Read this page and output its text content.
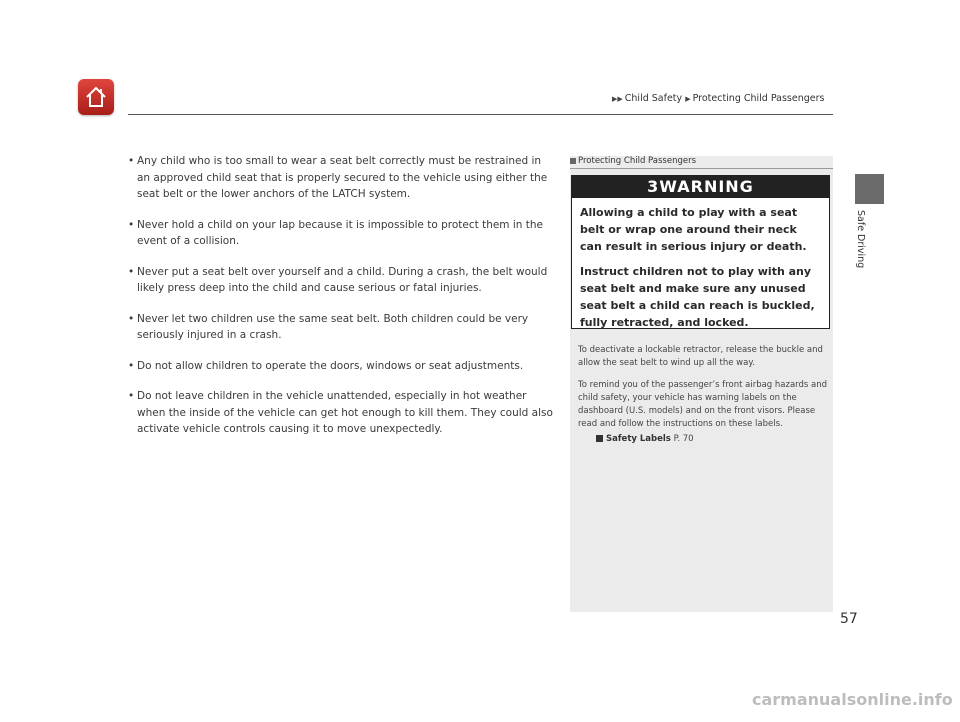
▶▶ Child Safety ▶ Protecting Child Passengers
Safe Driving
• Any child who is too small to wear a seat belt correctly must be restrained in an approved child seat that is properly secured to the vehicle using either the seat belt or the lower anchors of the LATCH system.
• Never hold a child on your lap because it is impossible to protect them in the event of a collision.
• Never put a seat belt over yourself and a child. During a crash, the belt would likely press deep into the child and cause serious or fatal injuries.
• Never let two children use the same seat belt. Both children could be very seriously injured in a crash.
• Do not allow children to operate the doors, windows or seat adjustments.
• Do not leave children in the vehicle unattended, especially in hot weather when the inside of the vehicle can get hot enough to kill them. They could also activate vehicle controls causing it to move unexpectedly.
Protecting Child Passengers
3WARNING

Allowing a child to play with a seat belt or wrap one around their neck can result in serious injury or death.

Instruct children not to play with any seat belt and make sure any unused seat belt a child can reach is buckled, fully retracted, and locked.

To deactivate a lockable retractor, release the buckle and allow the seat belt to wind up all the way.

To remind you of the passenger’s front airbag hazards and child safety, your vehicle has warning labels on the dashboard (U.S. models) and on the front visors. Please read and follow the instructions on these labels.

Safety Labels P. 70
57
carmanualsonline.info
